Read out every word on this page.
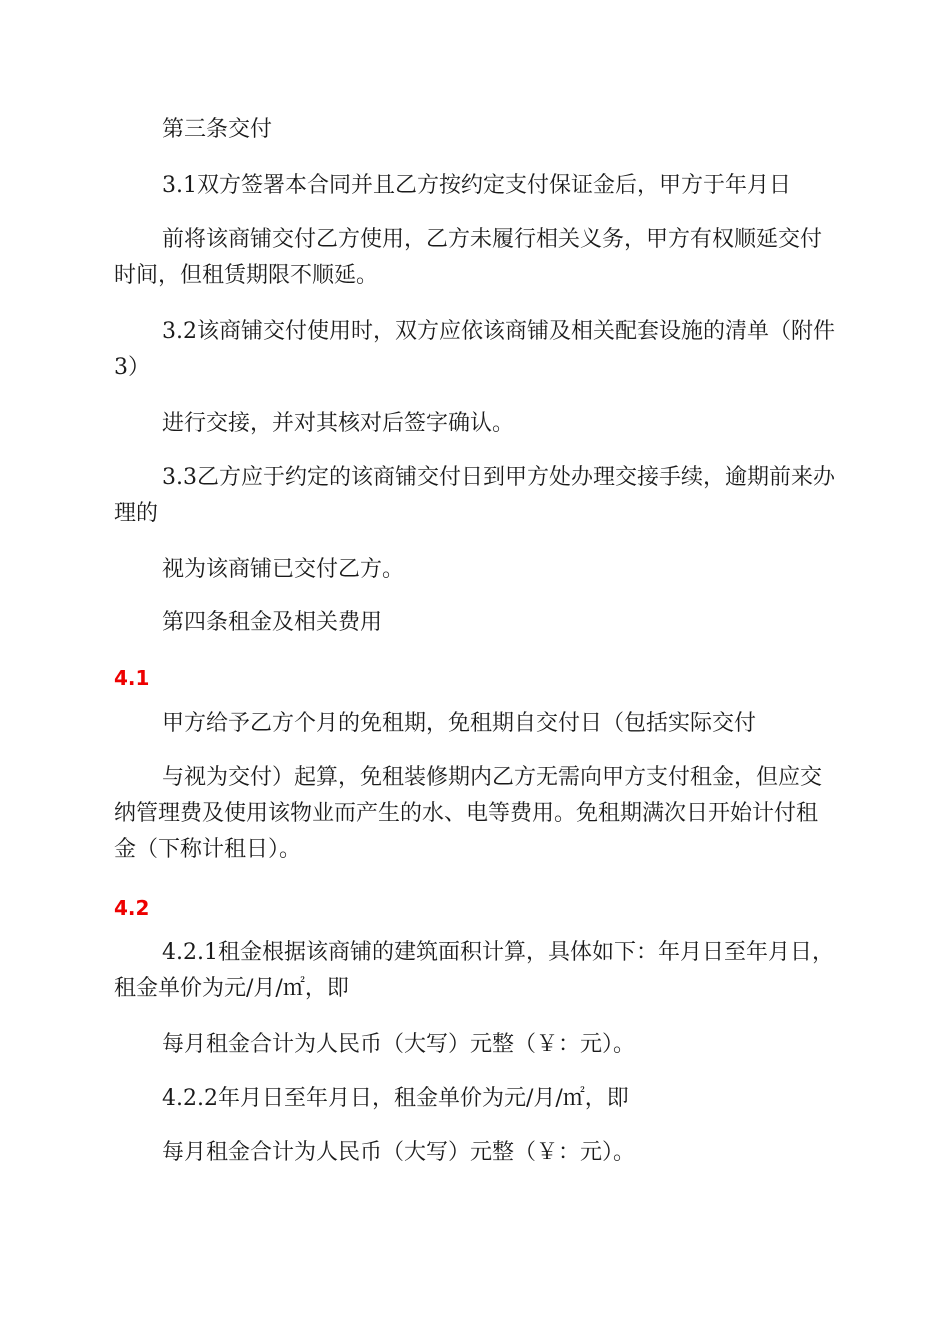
第三条交付

3.1双方签署本合同并且乙方按约定支付保证金后，甲方于年月日

前将该商铺交付乙方使用，乙方未履行相关义务，甲方有权顺延交付时间，但租赁期限不顺延。

3.2该商铺交付使用时，双方应依该商铺及相关配套设施的清单（附件3）

进行交接，并对其核对后签字确认。

3.3乙方应于约定的该商铺交付日到甲方处办理交接手续，逾期前来办理的

视为该商铺已交付乙方。

第四条租金及相关费用

4.1

甲方给予乙方个月的免租期，免租期自交付日（包括实际交付

与视为交付）起算，免租装修期内乙方无需向甲方支付租金，但应交纳管理费及使用该物业而产生的水、电等费用。免租期满次日开始计付租金（下称计租日）。

4.2

4.2.1租金根据该商铺的建筑面积计算，具体如下：年月日至年月日，租金单价为元/月/㎡，即

每月租金合计为人民币（大写）元整（￥：元）。

4.2.2年月日至年月日，租金单价为元/月/㎡，即

每月租金合计为人民币（大写）元整（￥：元）。
